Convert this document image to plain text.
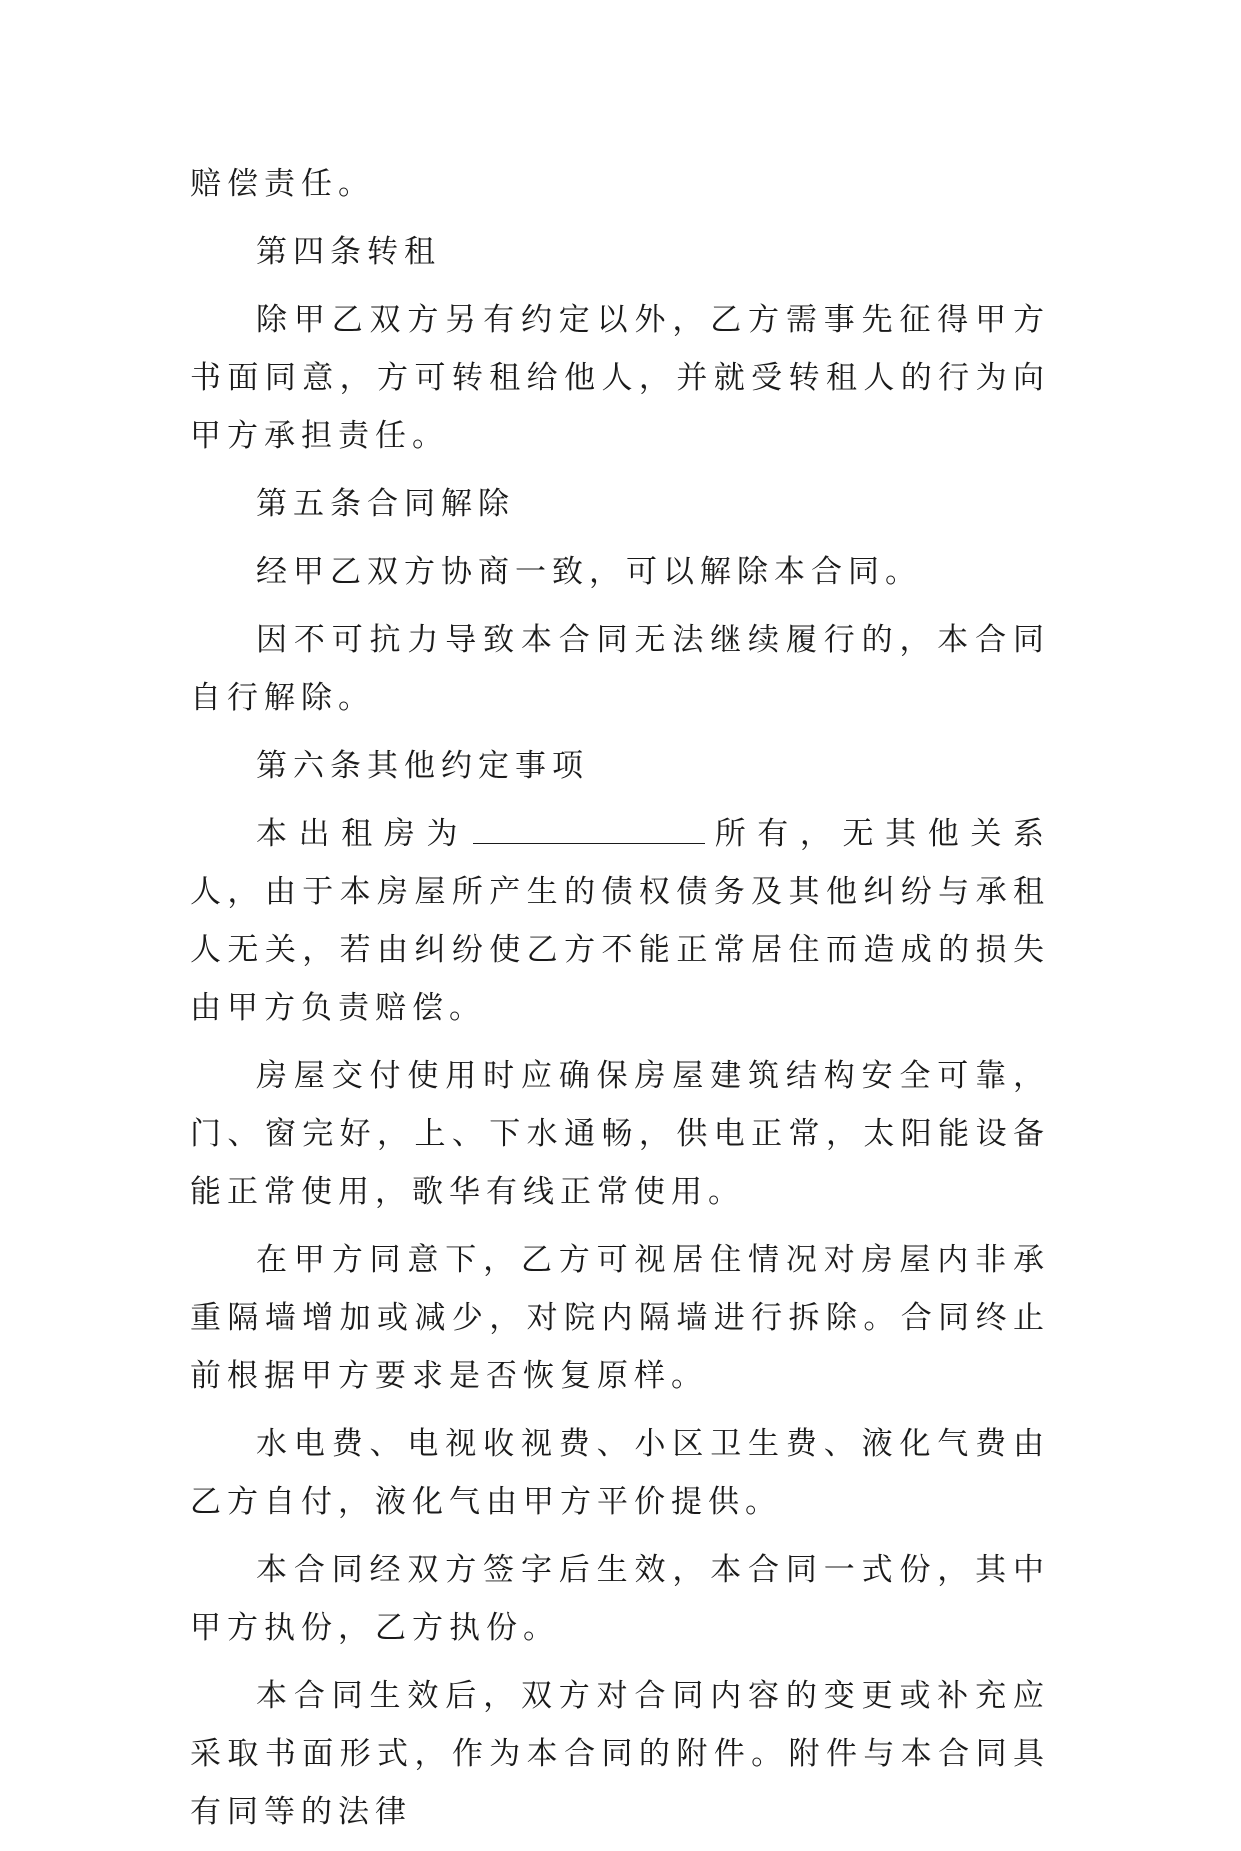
赔偿责任。

第四条转租

除甲乙双方另有约定以外，乙方需事先征得甲方书面同意，方可转租给他人，并就受转租人的行为向甲方承担责任。

第五条合同解除

经甲乙双方协商一致，可以解除本合同。

因不可抗力导致本合同无法继续履行的，本合同自行解除。

第六条其他约定事项

本出租房为	所有，无其他关系人，由于本房屋所产生的债权债务及其他纠纷与承租人无关，若由纠纷使乙方不能正常居住而造成的损失由甲方负责赔偿。

房屋交付使用时应确保房屋建筑结构安全可靠，门、窗完好，上、下水通畅，供电正常，太阳能设备能正常使用，歌华有线正常使用。

在甲方同意下，乙方可视居住情况对房屋内非承重隔墙增加或减少，对院内隔墙进行拆除。合同终止前根据甲方要求是否恢复原样。

水电费、电视收视费、小区卫生费、液化气费由乙方自付，液化气由甲方平价提供。

本合同经双方签字后生效，本合同一式份，其中甲方执份，乙方执份。

本合同生效后，双方对合同内容的变更或补充应采取书面形式，作为本合同的附件。附件与本合同具有同等的法律
